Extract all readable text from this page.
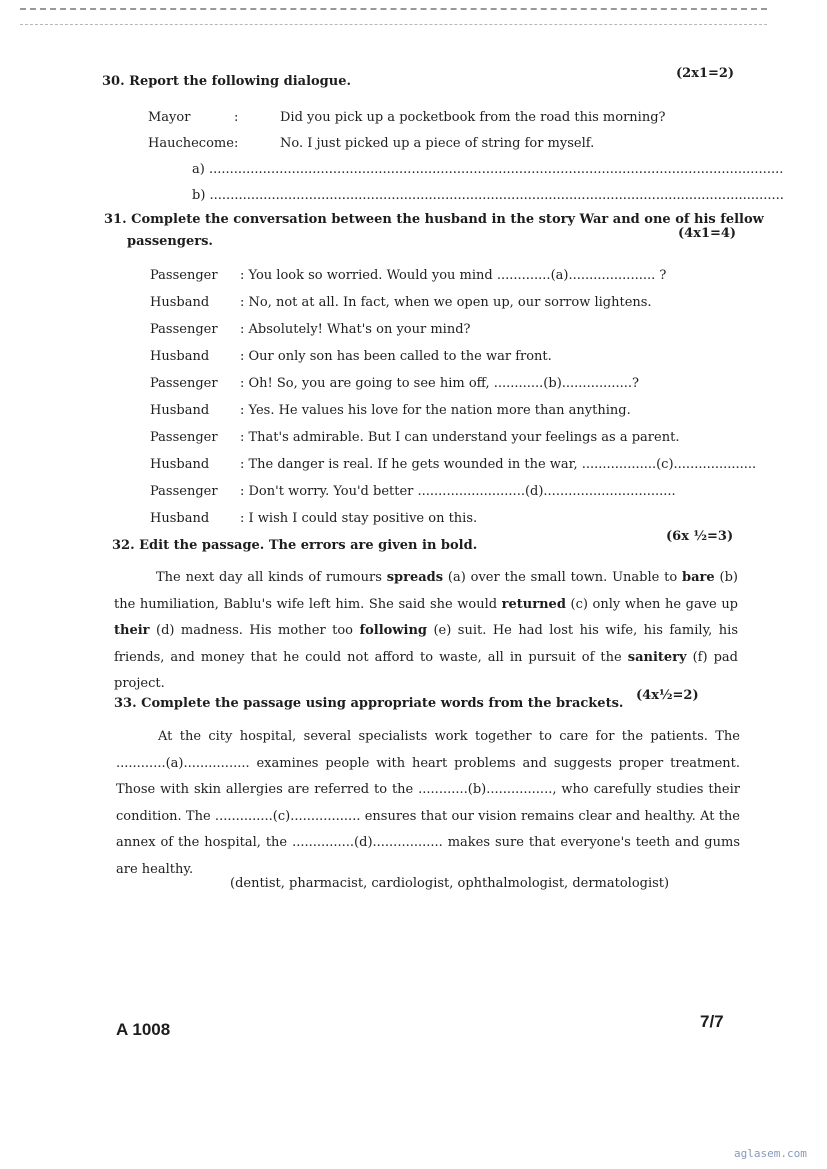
30. Report the following dialogue.
(2x1=2)
Mayor	:	Did you pick up a pocketbook from the road this morning?
Hauchecome:	No. I just picked up a piece of string for myself.
a) ...........................................................................................................................................
b) ...........................................................................................................................................
31. Complete the conversation between the husband in the story War and one of his fellow
passengers.
(4x1=4)
Passenger : You look so worried. Would you mind .............(a)..................... ?
Husband : No, not at all. In fact, when we open up, our sorrow lightens.
Passenger : Absolutely! What's on your mind?
Husband : Our only son has been called to the war front.
Passenger : Oh! So, you are going to see him off, ............(b).................?
Husband : Yes. He values his love for the nation more than anything.
Passenger : That's admirable. But I can understand your feelings as a parent.
Husband : The danger is real. If he gets wounded in the war, ..................(c)....................
Passenger : Don't worry. You'd better ..........................(d)................................
Husband : I wish I could stay positive on this.
32. Edit the passage. The errors are given in bold.
(6x ½=3)
The next day all kinds of rumours spreads (a) over the small town. Unable to bare (b) the humiliation, Bablu's wife left him. She said she would returned (c) only when he gave up their (d) madness. His mother too following (e) suit. He had lost his wife, his family, his friends, and money that he could not afford to waste, all in pursuit of the sanitery (f) pad project.
33. Complete the passage using appropriate words from the brackets.
(4x½=2)
At the city hospital, several specialists work together to care for the patients. The ............(a)................ examines people with heart problems and suggests proper treatment. Those with skin allergies are referred to the ............(b)................, who carefully studies their condition. The ..............(c)................. ensures that our vision remains clear and healthy. At the annex of the hospital, the ...............(d)................. makes sure that everyone's teeth and gums are healthy.
(dentist, pharmacist, cardiologist, ophthalmologist, dermatologist)
A 1008	7/7
aglasem.com
